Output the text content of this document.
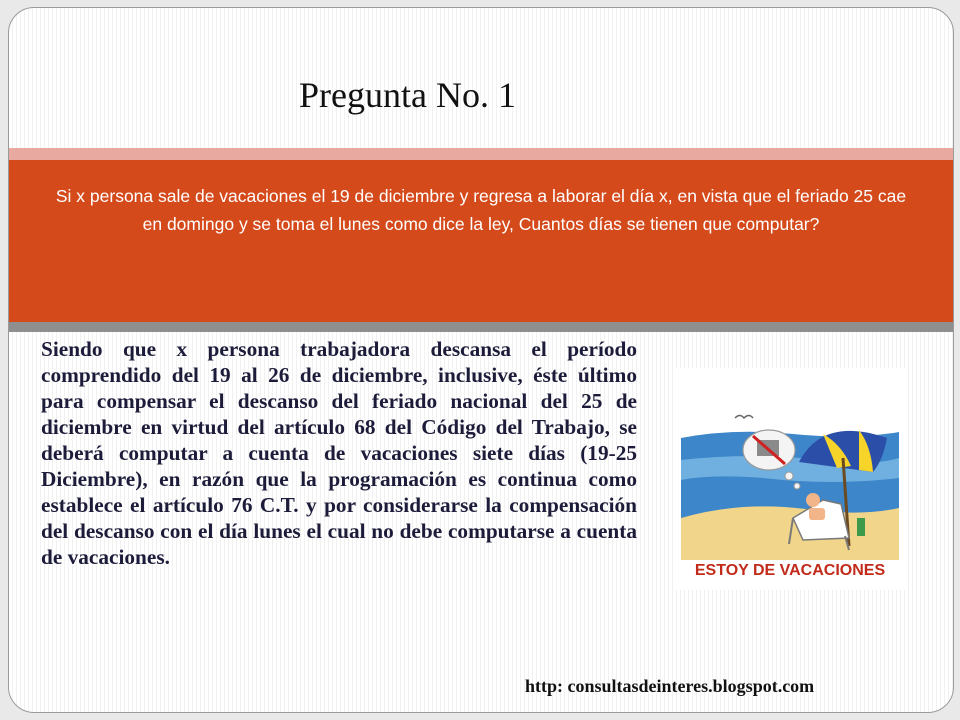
Pregunta No. 1
Si x persona sale de vacaciones el 19 de diciembre y regresa a laborar el día x, en vista que el feriado 25 cae en domingo y se toma el lunes como dice la ley, Cuantos días se tienen que computar?
Siendo que x persona trabajadora descansa el período comprendido del 19 al 26 de diciembre, inclusive, éste último para compensar el descanso del feriado nacional del 25 de diciembre en virtud del artículo 68 del Código del Trabajo, se deberá computar a cuenta de vacaciones siete días (19-25 Diciembre), en razón que la programación es continua como establece el artículo 76 C.T. y por considerarse la compensación del descanso con el día lunes el cual no debe computarse a cuenta de vacaciones.
ESTOY DE VACACIONES
http: consultasdeinteres.blogspot.com
